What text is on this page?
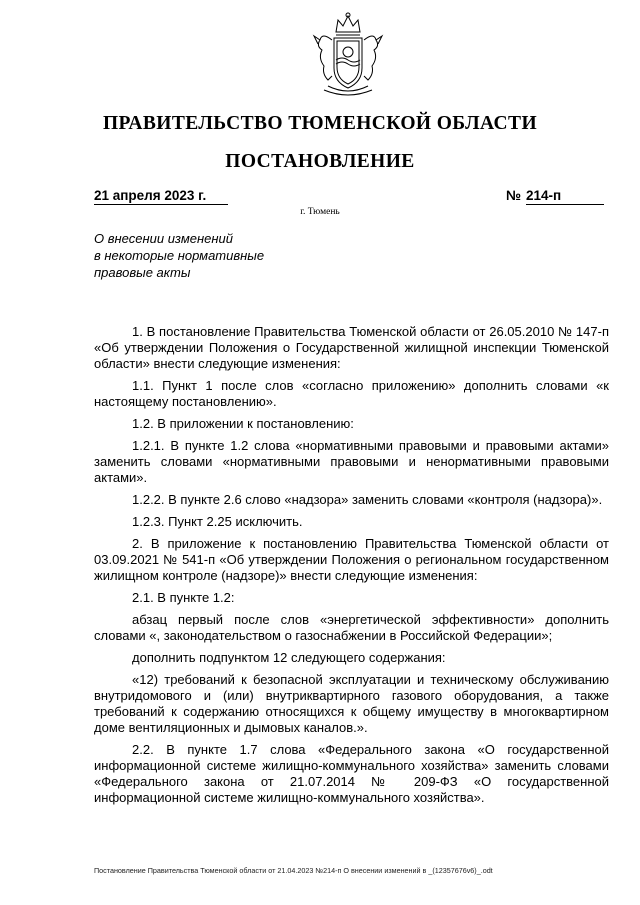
ПРАВИТЕЛЬСТВО ТЮМЕНСКОЙ ОБЛАСТИ
ПОСТАНОВЛЕНИЕ
21 апреля 2023 г.	№ 214-п
г. Тюмень
О внесении изменений
в некоторые нормативные
правовые акты

1. В постановление Правительства Тюменской области от 26.05.2010 № 147-п «Об утверждении Положения о Государственной жилищной инспекции Тюменской области» внести следующие изменения:

1.1. Пункт 1 после слов «согласно приложению» дополнить словами «к настоящему постановлению».

1.2. В приложении к постановлению:

1.2.1. В пункте 1.2 слова «нормативными правовыми и правовыми актами» заменить словами «нормативными правовыми и ненормативными правовыми актами».

1.2.2. В пункте 2.6 слово «надзора» заменить словами «контроля (надзора)».

1.2.3. Пункт 2.25 исключить.

2. В приложение к постановлению Правительства Тюменской области от 03.09.2021 № 541-п «Об утверждении Положения о региональном государственном жилищном контроле (надзоре)» внести следующие изменения:

2.1. В пункте 1.2:

абзац первый после слов «энергетической эффективности» дополнить словами «, законодательством о газоснабжении в Российской Федерации»;

дополнить подпунктом 12 следующего содержания:

«12) требований к безопасной эксплуатации и техническому обслуживанию внутридомового и (или) внутриквартирного газового оборудования, а также требований к содержанию относящихся к общему имуществу в многоквартирном доме вентиляционных и дымовых каналов.».

2.2. В пункте 1.7 слова «Федерального закона «О государственной информационной системе жилищно-коммунального хозяйства» заменить словами «Федерального закона от 21.07.2014 № 209-ФЗ «О государственной информационной системе жилищно-коммунального хозяйства».

Постановление Правительства Тюменской области от 21.04.2023 №214-п О внесении изменений в _(12357676v6)_.odt
